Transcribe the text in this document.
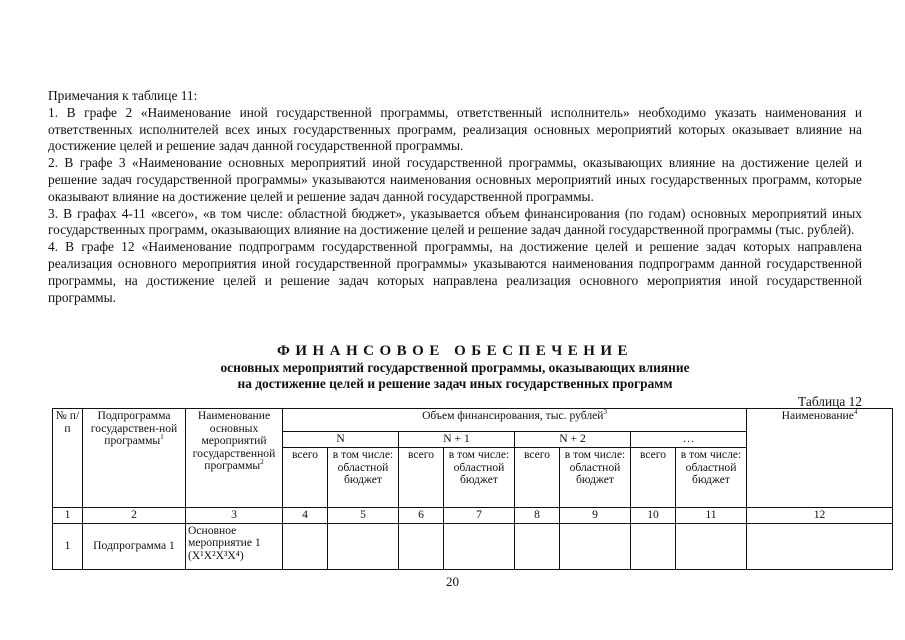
Примечания к таблице 11:

1. В графе 2 «Наименование иной государственной программы, ответственный исполнитель» необходимо указать наименования и ответственных исполнителей всех иных государственных программ, реализация основных мероприятий которых оказывает влияние на достижение целей и решение задач данной государственной программы.

2. В графе 3 «Наименование основных мероприятий иной государственной программы, оказывающих влияние на достижение целей и решение задач государственной программы» указываются наименования основных мероприятий иных государственных программ, которые оказывают влияние на достижение целей и решение задач данной государственной программы.

3. В графах 4-11 «всего», «в том числе: областной бюджет», указывается объем финансирования (по годам) основных мероприятий иных государственных программ, оказывающих влияние на достижение целей и решение задач данной государственной программы (тыс. рублей).

4. В графе 12 «Наименование подпрограмм государственной программы, на достижение целей и решение задач которых направлена реализация основного мероприятия иной государственной программы» указываются наименования подпрограмм данной государственной программы, на достижение целей и решение задач которых направлена реализация основного мероприятия иной государственной программы.

ФИНАНСОВОЕ ОБЕСПЕЧЕНИЕ
основных мероприятий государственной программы, оказывающих влияние
на достижение целей и решение задач иных государственных программ
Таблица 12
№ п/п	Подпрограмма государствен-ной программы$^1$	Наименование основных мероприятий государственной программы$^2$	Объем финансирования, тыс. рублей$^3$								Наименование$^4$
			N		N + 1		N + 2		…		
			всего	в том числе: областной бюджет	всего	в том числе: областной бюджет	всего	в том числе: областной бюджет	всего	в том числе: областной бюджет	
1	2	3	4	5	6	7	8	9	10	11	12
1	Подпрограмма 1	Основное мероприятие 1
(X¹X²X³X⁴)									
20
